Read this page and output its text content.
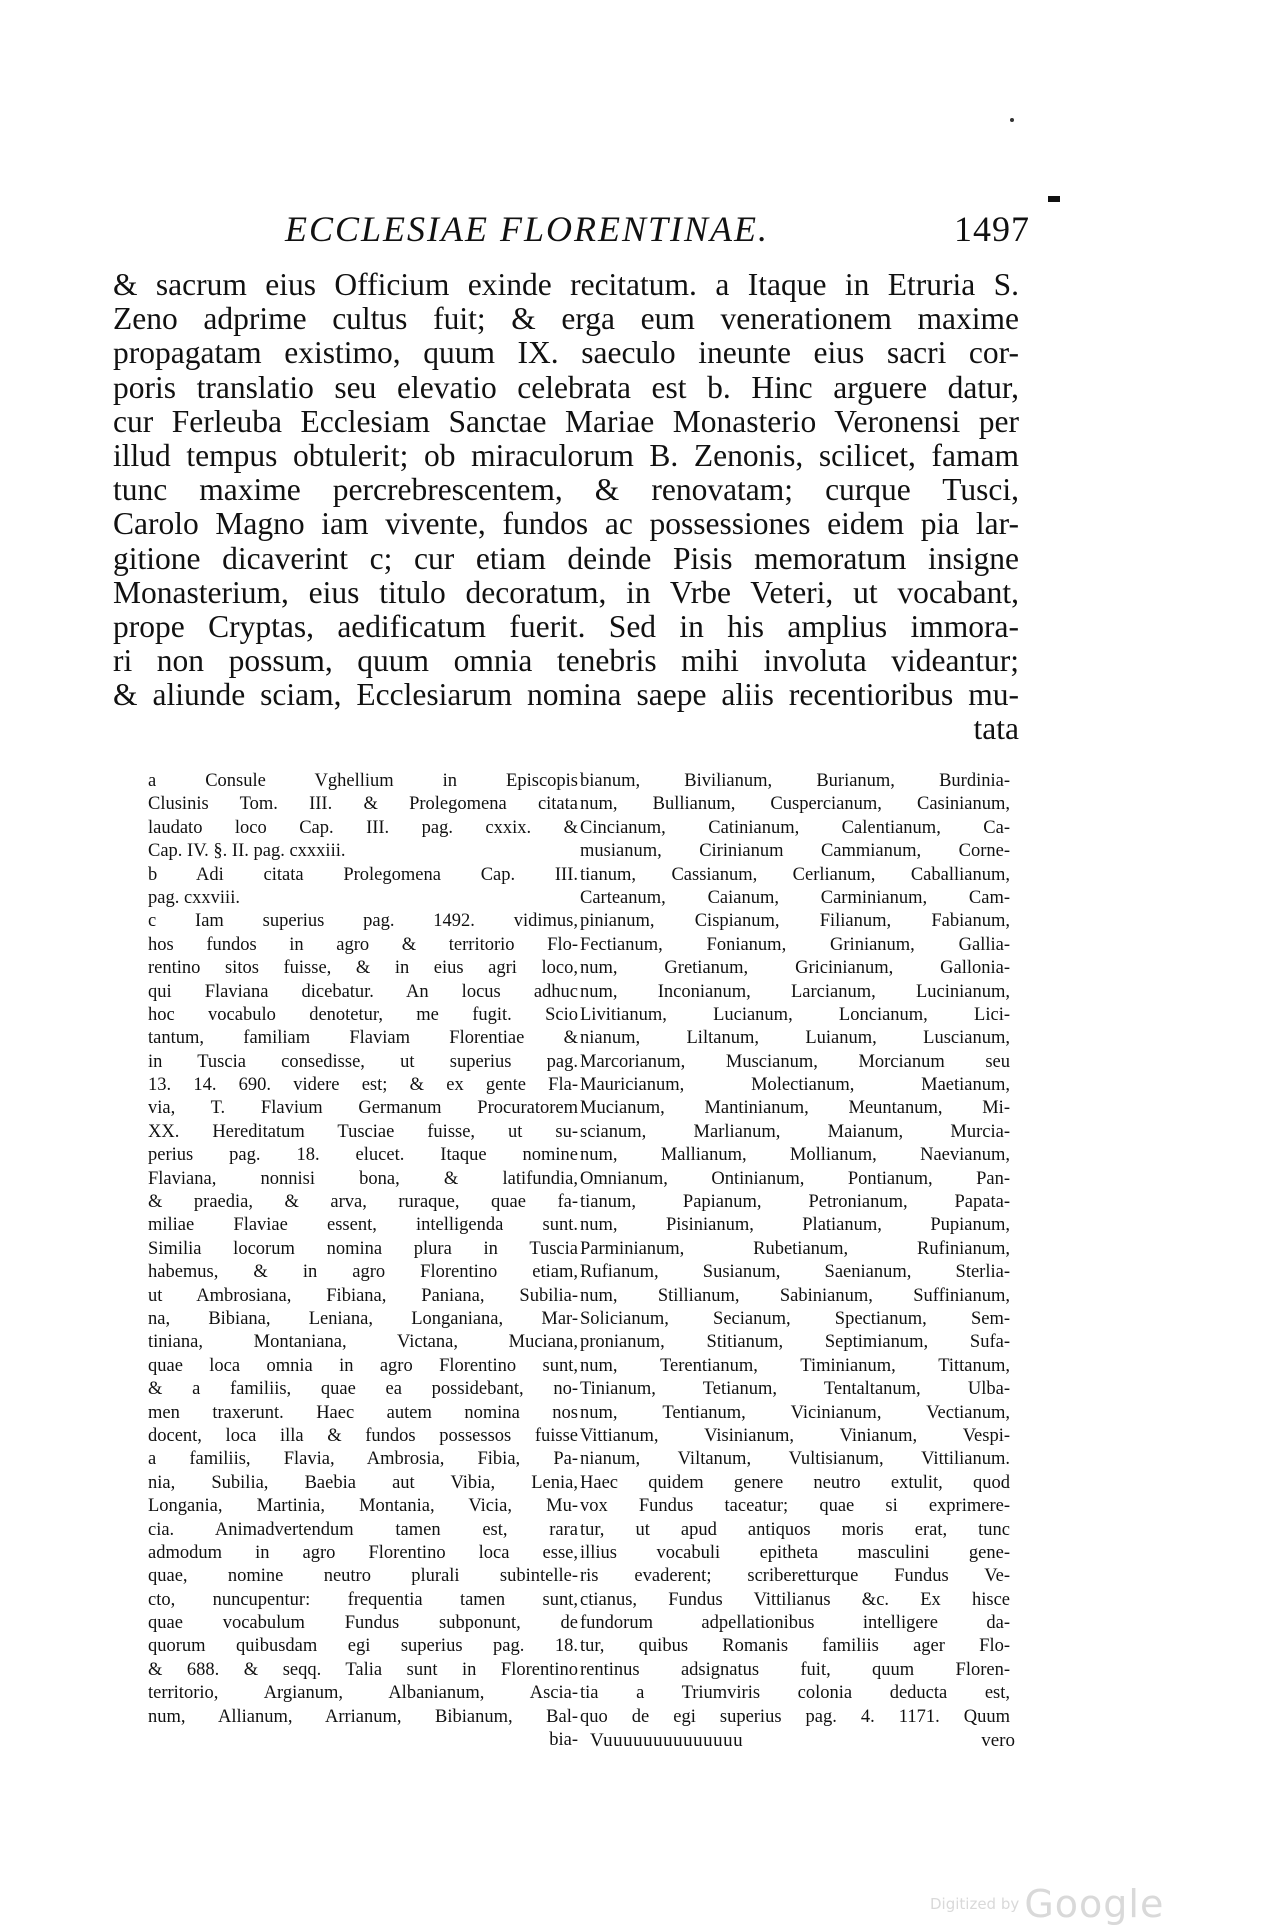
ECCLESIAE FLORENTINAE.	1497
& sacrum eius Officium exinde recitatum. a Itaque in Etruria S.
Zeno adprime cultus fuit; & erga eum venerationem maxime
propagatam existimo, quum IX. saeculo ineunte eius sacri cor-
poris translatio seu elevatio celebrata est b. Hinc arguere datur,
cur Ferleuba Ecclesiam Sanctae Mariae Monasterio Veronensi per
illud tempus obtulerit; ob miraculorum B. Zenonis, scilicet, famam
tunc maxime percrebrescentem, & renovatam; curque Tusci,
Carolo Magno iam vivente, fundos ac possessiones eidem pia lar-
gitione dicaverint c; cur etiam deinde Pisis memoratum insigne
Monasterium, eius titulo decoratum, in Vrbe Veteri, ut vocabant,
prope Cryptas, aedificatum fuerit. Sed in his amplius immora-
ri non possum, quum omnia tenebris mihi involuta videantur;
& aliunde sciam, Ecclesiarum nomina saepe aliis recentioribus mu-
tata
a Consule Vghellium in Episcopis
Clusinis Tom. III. & Prolegomena citata
laudato loco Cap. III. pag. cxxix. &
Cap. IV. §. II. pag. cxxxiii.
b Adi citata Prolegomena Cap. III.
pag. cxxviii.
c Iam superius pag. 1492. vidimus,
hos fundos in agro & territorio Flo-
rentino sitos fuisse, & in eius agri loco,
qui Flaviana dicebatur. An locus adhuc
hoc vocabulo denotetur, me fugit. Scio
tantum, familiam Flaviam Florentiae &
in Tuscia consedisse, ut superius pag.
13. 14. 690. videre est; & ex gente Fla-
via, T. Flavium Germanum Procuratorem
XX. Hereditatum Tusciae fuisse, ut su-
perius pag. 18. elucet. Itaque nomine
Flaviana, nonnisi bona, & latifundia,
& praedia, & arva, ruraque, quae fa-
miliae Flaviae essent, intelligenda sunt.
Similia locorum nomina plura in Tuscia
habemus, & in agro Florentino etiam,
ut Ambrosiana, Fibiana, Paniana, Subilia-
na, Bibiana, Leniana, Longaniana, Mar-
tiniana, Montaniana, Victana, Muciana,
quae loca omnia in agro Florentino sunt,
& a familiis, quae ea possidebant, no-
men traxerunt. Haec autem nomina nos
docent, loca illa & fundos possessos fuisse
a familiis, Flavia, Ambrosia, Fibia, Pa-
nia, Subilia, Baebia aut Vibia, Lenia,
Longania, Martinia, Montania, Vicia, Mu-
cia. Animadvertendum tamen est, rara
admodum in agro Florentino loca esse,
quae, nomine neutro plurali subintelle-
cto, nuncupentur: frequentia tamen sunt,
quae vocabulum Fundus subponunt, de
quorum quibusdam egi superius pag. 18.
& 688. & seqq. Talia sunt in Florentino
territorio, Argianum, Albanianum, Ascia-
num, Allianum, Arrianum, Bibianum, Bal-
bia-
bianum, Bivilianum, Burianum, Burdinia-
num, Bullianum, Cuspercianum, Casinianum,
Cincianum, Catinianum, Calentianum, Ca-
musianum, Cirinianum Cammianum, Corne-
tianum, Cassianum, Cerlianum, Caballianum,
Carteanum, Caianum, Carminianum, Cam-
pinianum, Cispianum, Filianum, Fabianum,
Fectianum, Fonianum, Grinianum, Gallia-
num, Gretianum, Gricinianum, Galloniа-
num, Inconianum, Larcianum, Lucinianum,
Livitianum, Lucianum, Loncianum, Lici-
nianum, Liltanum, Luianum, Luscianum,
Marcorianum, Muscianum, Morcianum seu
Mauricianum, Molectianum, Maetianum,
Mucianum, Mantinianum, Meuntanum, Mi-
scianum, Marlianum, Maianum, Murcia-
num, Mallianum, Mollianum, Naevianum,
Omnianum, Ontinianum, Pontianum, Pan-
tianum, Papianum, Petronianum, Papata-
num, Pisinianum, Platianum, Pupianum,
Parminianum, Rubetianum, Rufinianum,
Rufianum, Susianum, Saenianum, Sterlia-
num, Stillianum, Sabinianum, Suffinianum,
Solicianum, Secianum, Spectianum, Sem-
pronianum, Stitianum, Septimianum, Sufa-
num, Terentianum, Timinianum, Tittanum,
Tinianum, Tetianum, Tentaltanum, Ulba-
num, Tentianum, Vicinianum, Vectianum,
Vittianum, Visinianum, Vinianum, Vespi-
nianum, Viltanum, Vultisianum, Vittilianum.
Haec quidem genere neutro extulit, quod
vox Fundus taceatur; quae si exprimere-
tur, ut apud antiquos moris erat, tunc
illius vocabuli epitheta masculini gene-
ris evaderent; scriberetturque Fundus Ve-
ctianus, Fundus Vittilianus &c. Ex hisce
fundorum adpellationibus intelligere da-
tur, quibus Romanis familiis ager Flo-
rentinus adsignatus fuit, quum Floren-
tia a Triumviris colonia deducta est,
quo de egi superius pag. 4. 1171. Quum
Vuuuuuuuuuuuuuu	vero
Digitized by Google
